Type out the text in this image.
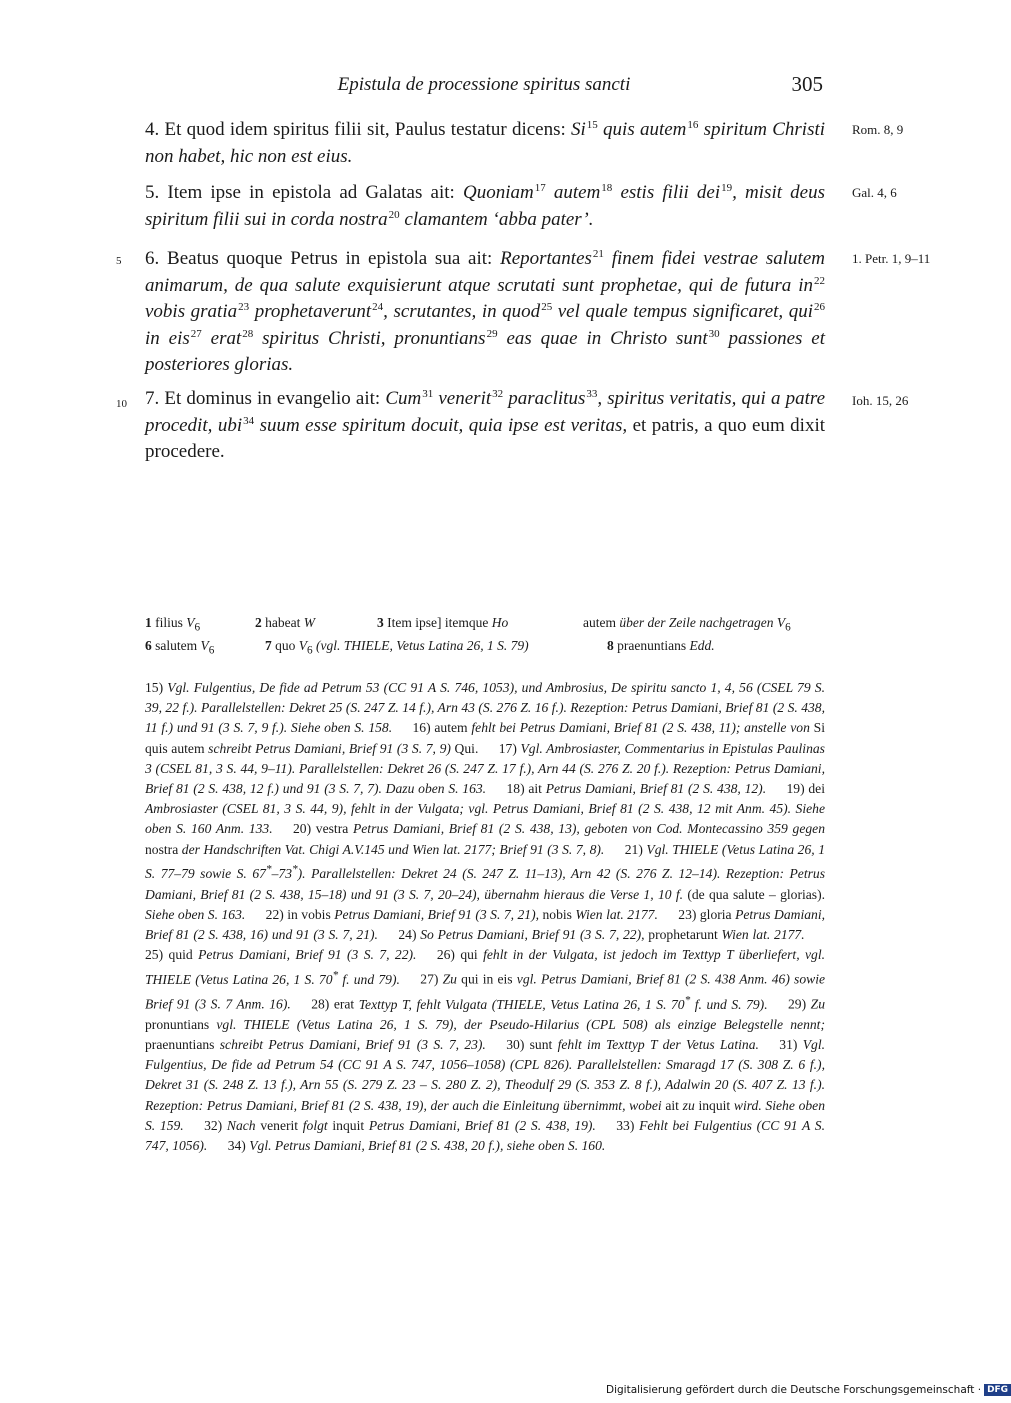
Epistula de processione spiritus sancti	305
4. Et quod idem spiritus filii sit, Paulus testatur dicens: Si$^{15}$ quis autem$^{16}$ spiritum Christi non habet, hic non est eius.
Rom. 8, 9
5. Item ipse in epistola ad Galatas ait: Quoniam$^{17}$ autem$^{18}$ estis filii dei$^{19}$, misit deus spiritum filii sui in corda nostra$^{20}$ clamantem ‘abba pater’.
Gal. 4, 6
5 6. Beatus quoque Petrus in epistola sua ait: Reportantes$^{21}$ finem fidei vestrae salutem animarum, de qua salute exquisierunt atque scrutati sunt prophetae, qui de futura $in^{22}$ vobis gratia$^{23}$ prophetaverunt$^{24}$, scrutantes, in quod$^{25}$ vel quale tempus significaret, qui$^{26}$ in eis$^{27}$ erat$^{28}$ spiritus Christi, pronuntians$^{29}$ eas quae in Christo sunt$^{30}$ passiones et posteriores glorias.
1. Petr. 1, 9–11
10 7. Et dominus in evangelio ait: Cum$^{31}$ venerit$^{32}$ paraclitus$^{33}$, spiritus veritatis, qui a patre procedit, ubi$^{34}$ suum esse spiritum docuit, quia ipse est veritas, et patris, a quo eum dixit procedere.
Ioh. 15, 26
1 filius $V_6$	2 habeat W	3 Item ipse] itemque Ho	autem über der Zeile nachgetragen $V_6$
6 salutem $V_6$	7 quo $V_6$ (vgl. THIELE, Vetus Latina 26, 1 S. 79)	8 praenuntians Edd.
15) Vgl. Fulgentius, De fide ad Petrum 53 (CC 91 A S. 746, 1053), und Ambrosius, De spiritu sancto 1, 4, 56 (CSEL 79 S. 39, 22 f.). Parallelstellen: Dekret 25 (S. 247 Z. 14 f.), Arn 43 (S. 276 Z. 16 f.). Rezeption: Petrus Damiani, Brief 81 (2 S. 438, 11 f.) und 91 (3 S. 7, 9 f.). Siehe oben S. 158.  16) autem fehlt bei Petrus Damiani, Brief 81 (2 S. 438, 11); anstelle von Si quis autem schreibt Petrus Damiani, Brief 91 (3 S. 7, 9) Qui.  17) Vgl. Ambrosiaster, Commentarius in Epistulas Paulinas 3 (CSEL 81, 3 S. 44, 9–11). Parallelstellen: Dekret 26 (S. 247 Z. 17 f.), Arn 44 (S. 276 Z. 20 f.). Rezeption: Petrus Damiani, Brief 81 (2 S. 438, 12 f.) und 91 (3 S. 7, 7). Dazu oben S. 163.  18) ait Petrus Damiani, Brief 81 (2 S. 438, 12).  19) dei Ambrosiaster (CSEL 81, 3 S. 44, 9), fehlt in der Vulgata; vgl. Petrus Damiani, Brief 81 (2 S. 438, 12 mit Anm. 45). Siehe oben S. 160 Anm. 133.  20) vestra Petrus Damiani, Brief 81 (2 S. 438, 13), geboten von Cod. Montecassino 359 gegen nostra der Handschriften Vat. Chigi A.V.145 und Wien lat. 2177; Brief 91 (3 S. 7, 8).  21) Vgl. THIELE (Vetus Latina 26, 1 S. 77–79 sowie S. 67*–73*). Parallelstellen: Dekret 24 (S. 247 Z. 11–13), Arn 42 (S. 276 Z. 12–14). Rezeption: Petrus Damiani, Brief 81 (2 S. 438, 15–18) und 91 (3 S. 7, 20–24), übernahm hieraus die Verse 1, 10 f. (de qua salute – glorias). Siehe oben S. 163.  22) in vobis Petrus Damiani, Brief 91 (3 S. 7, 21), nobis Wien lat. 2177.  23) gloria Petrus Damiani, Brief 81 (2 S. 438, 16) und 91 (3 S. 7, 21).  24) So Petrus Damiani, Brief 91 (3 S. 7, 22), prophetarunt Wien lat. 2177.  25) quid Petrus Damiani, Brief 91 (3 S. 7, 22).  26) qui fehlt in der Vulgata, ist jedoch im Texttyp T überliefert, vgl. THIELE (Vetus Latina 26, 1 S. 70* f. und 79).  27) Zu qui in eis vgl. Petrus Damiani, Brief 81 (2 S. 438 Anm. 46) sowie Brief 91 (3 S. 7 Anm. 16).  28) erat Texttyp T, fehlt Vulgata (THIELE, Vetus Latina 26, 1 S. 70* f. und S. 79).  29) Zu pronuntians vgl. THIELE (Vetus Latina 26, 1 S. 79), der Pseudo-Hilarius (CPL 508) als einzige Belegstelle nennt; praenuntians schreibt Petrus Damiani, Brief 91 (3 S. 7, 23).  30) sunt fehlt im Texttyp T der Vetus Latina.  31) Vgl. Fulgentius, De fide ad Petrum 54 (CC 91 A S. 747, 1056–1058) (CPL 826). Parallelstellen: Smaragd 17 (S. 308 Z. 6 f.), Dekret 31 (S. 248 Z. 13 f.), Arn 55 (S. 279 Z. 23 – S. 280 Z. 2), Theodulf 29 (S. 353 Z. 8 f.), Adalwin 20 (S. 407 Z. 13 f.). Rezeption: Petrus Damiani, Brief 81 (2 S. 438, 19), der auch die Einleitung übernimmt, wobei ait zu inquit wird. Siehe oben S. 159.  32) Nach venerit folgt inquit Petrus Damiani, Brief 81 (2 S. 438, 19).  33) Fehlt bei Fulgentius (CC 91 A S. 747, 1056).  34) Vgl. Petrus Damiani, Brief 81 (2 S. 438, 20 f.), siehe oben S. 160.
Digitalisierung gefördert durch die Deutsche Forschungsgemeinschaft · DFG
